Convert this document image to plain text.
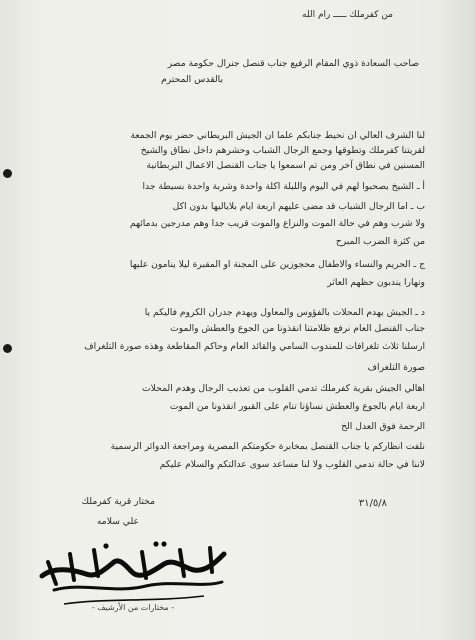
من كفرملك ـــــ رام الله
صاحب السعادة ذوي المقام الرفيع جناب قنصل جنرال حكومة مصر
بالقدس المحترم
لنا الشرف العالي ان نحيط جنابكم علما ان الجيش البريطاني حضر يوم الجمعة
لقريتنا كفرملك وتطوقها وجمع الرجال الشباب وحشرهم داخل نطاق والشيخ
المسنين في نطاق آخر ومن تم اسمعوا يا جناب القنصل الاعمال البربطانية
أ ـ الشيخ يصحبوا لهم في اليوم والليلة اكلة واحدة وشربة واحدة بسيطة جدا
ب ـ اما الرجال الشباب قد مضى عليهم اربعة ايام بلاياليها بدون اكل
ولا شرب وهم في حالة الموت والنزاع والموت قريب جدا وهم مدرجين بدمائهم
من كثرة الضرب المبرح
ج ـ الحريم والنساء والاطفال محجوزين على المجنة او المقبرة ليلا ينامون عليها
ونهارا يندبون حظهم العاثر
د ـ الجيش يهدم المحلات بالفؤوس والمعاول ويهدم جدران الكروم فاليكم يا
جناب القنصل العام نرفع ظلامتنا انقذونا من الجوع والعطش والموت
ارسلنا ثلاث تلغرافات للمندوب السامي والقائد العام وحاكم المقاطعة وهذه صورة التلغراف
صورة التلغراف
اهالي الجيش بقرية كفرملك تدمي القلوب من تعذيب الرجال وهدم المحلات
اربعة ايام بالجوع والعطش نساؤنا تنام على القبور انقذونا من الموت
الرحمة فوق العدل الخ
نلفت انظاركم يا جناب القنصل بمخابرة حكومتكم المصرية ومراجعة الدوائر الرسمية
لاننا في حالة تدمي القلوب ولا لنا مساعد سوى عدالتكم والسلام عليكم
٣١/٥/٨
مختار قرية كفرملك
علي سلامه
- مختارات من الأرشيف -
